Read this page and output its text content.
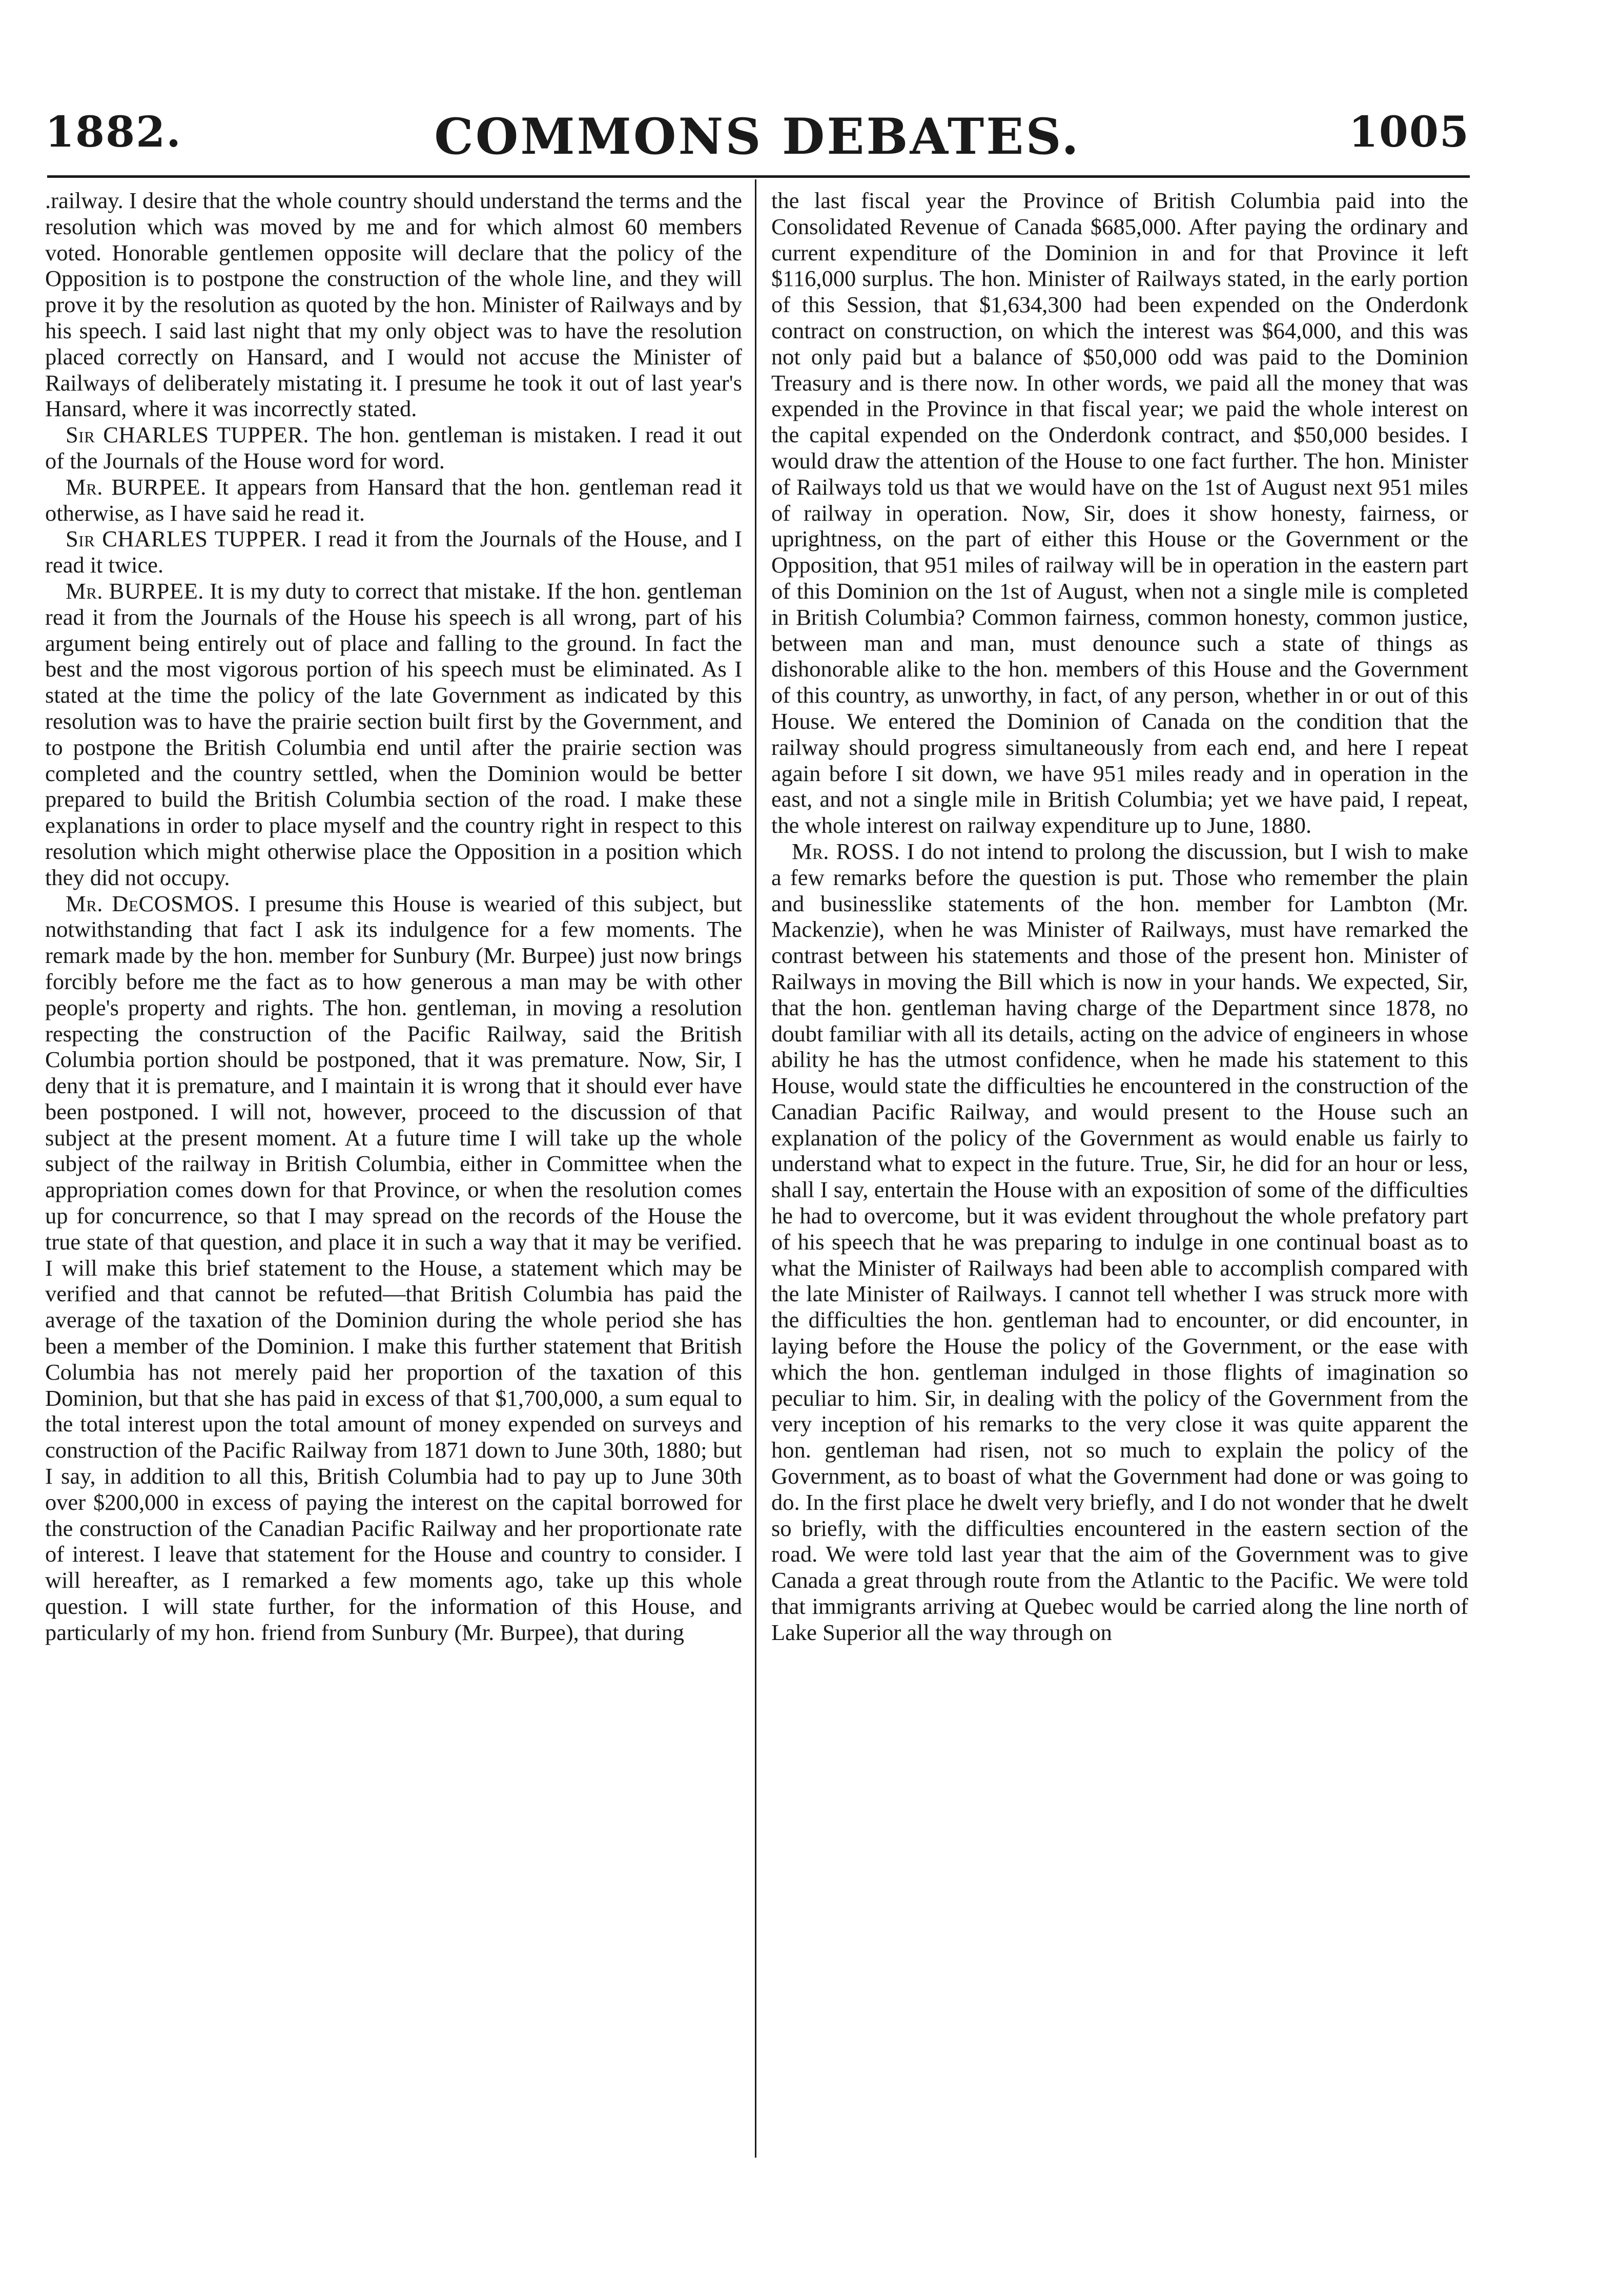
COMMONS DEBATES.
1882.	1005

.railway. I desire that the whole country should understand the terms and the resolution which was moved by me and for which almost 60 members voted. Honorable gentlemen opposite will declare that the policy of the Opposition is to postpone the construction of the whole line, and they will prove it by the resolution as quoted by the hon. Minister of Railways and by his speech. I said last night that my only object was to have the resolution placed correctly on Hansard, and I would not accuse the Minister of Railways of deliberately mistating it. I presume he took it out of last year's Hansard, where it was incorrectly stated.

Sir CHARLES TUPPER. The hon. gentleman is mistaken. I read it out of the Journals of the House word for word.

Mr. BURPEE. It appears from Hansard that the hon. gentleman read it otherwise, as I have said he read it.

Sir CHARLES TUPPER. I read it from the Journals of the House, and I read it twice.

Mr. BURPEE. It is my duty to correct that mistake. If the hon. gentleman read it from the Journals of the House his speech is all wrong, part of his argument being entirely out of place and falling to the ground. In fact the best and the most vigorous portion of his speech must be eliminated. As I stated at the time the policy of the late Government as indicated by this resolution was to have the prairie section built first by the Government, and to postpone the British Columbia end until after the prairie section was completed and the country settled, when the Dominion would be better prepared to build the British Columbia section of the road. I make these explanations in order to place myself and the country right in respect to this resolution which might otherwise place the Opposition in a position which they did not occupy.

Mr. DeCOSMOS. I presume this House is wearied of this subject, but notwithstanding that fact I ask its indulgence for a few moments. The remark made by the hon. member for Sunbury (Mr. Burpee) just now brings forcibly before me the fact as to how generous a man may be with other people's property and rights. The hon. gentleman, in moving a resolution respecting the construction of the Pacific Railway, said the British Columbia portion should be postponed, that it was premature. Now, Sir, I deny that it is premature, and I maintain it is wrong that it should ever have been postponed. I will not, however, proceed to the discussion of that subject at the present moment. At a future time I will take up the whole subject of the railway in British Columbia, either in Committee when the appropriation comes down for that Province, or when the resolution comes up for concurrence, so that I may spread on the records of the House the true state of that question, and place it in such a way that it may be verified. I will make this brief statement to the House, a statement which may be verified and that cannot be refuted—that British Columbia has paid the average of the taxation of the Dominion during the whole period she has been a member of the Dominion. I make this further statement that British Columbia has not merely paid her proportion of the taxation of this Dominion, but that she has paid in excess of that $1,700,000, a sum equal to the total interest upon the total amount of money expended on surveys and construction of the Pacific Railway from 1871 down to June 30th, 1880; but I say, in addition to all this, British Columbia had to pay up to June 30th over $200,000 in excess of paying the interest on the capital borrowed for the construction of the Canadian Pacific Railway and her proportionate rate of interest. I leave that statement for the House and country to consider. I will hereafter, as I remarked a few moments ago, take up this whole question. I will state further, for the information of this House, and particularly of my hon. friend from Sunbury (Mr. Burpee), that during

the last fiscal year the Province of British Columbia paid into the Consolidated Revenue of Canada $685,000. After paying the ordinary and current expenditure of the Dominion in and for that Province it left $116,000 surplus. The hon. Minister of Railways stated, in the early portion of this Session, that $1,634,300 had been expended on the Onderdonk contract on construction, on which the interest was $64,000, and this was not only paid but a balance of $50,000 odd was paid to the Dominion Treasury and is there now. In other words, we paid all the money that was expended in the Province in that fiscal year; we paid the whole interest on the capital expended on the Onderdonk contract, and $50,000 besides. I would draw the attention of the House to one fact further. The hon. Minister of Railways told us that we would have on the 1st of August next 951 miles of railway in operation. Now, Sir, does it show honesty, fairness, or uprightness, on the part of either this House or the Government or the Opposition, that 951 miles of railway will be in operation in the eastern part of this Dominion on the 1st of August, when not a single mile is completed in British Columbia? Common fairness, common honesty, common justice, between man and man, must denounce such a state of things as dishonorable alike to the hon. members of this House and the Government of this country, as unworthy, in fact, of any person, whether in or out of this House. We entered the Dominion of Canada on the condition that the railway should progress simultaneously from each end, and here I repeat again before I sit down, we have 951 miles ready and in operation in the east, and not a single mile in British Columbia; yet we have paid, I repeat, the whole interest on railway expenditure up to June, 1880.

Mr. ROSS. I do not intend to prolong the discussion, but I wish to make a few remarks before the question is put. Those who remember the plain and businesslike statements of the hon. member for Lambton (Mr. Mackenzie), when he was Minister of Railways, must have remarked the contrast between his statements and those of the present hon. Minister of Railways in moving the Bill which is now in your hands. We expected, Sir, that the hon. gentleman having charge of the Department since 1878, no doubt familiar with all its details, acting on the advice of engineers in whose ability he has the utmost confidence, when he made his statement to this House, would state the difficulties he encountered in the construction of the Canadian Pacific Railway, and would present to the House such an explanation of the policy of the Government as would enable us fairly to understand what to expect in the future. True, Sir, he did for an hour or less, shall I say, entertain the House with an exposition of some of the difficulties he had to overcome, but it was evident throughout the whole prefatory part of his speech that he was preparing to indulge in one continual boast as to what the Minister of Railways had been able to accomplish compared with the late Minister of Railways. I cannot tell whether I was struck more with the difficulties the hon. gentleman had to encounter, or did encounter, in laying before the House the policy of the Government, or the ease with which the hon. gentleman indulged in those flights of imagination so peculiar to him. Sir, in dealing with the policy of the Government from the very inception of his remarks to the very close it was quite apparent the hon. gentleman had risen, not so much to explain the policy of the Government, as to boast of what the Government had done or was going to do. In the first place he dwelt very briefly, and I do not wonder that he dwelt so briefly, with the difficulties encountered in the eastern section of the road. We were told last year that the aim of the Government was to give Canada a great through route from the Atlantic to the Pacific. We were told that immigrants arriving at Quebec would be carried along the line north of Lake Superior all the way through on
